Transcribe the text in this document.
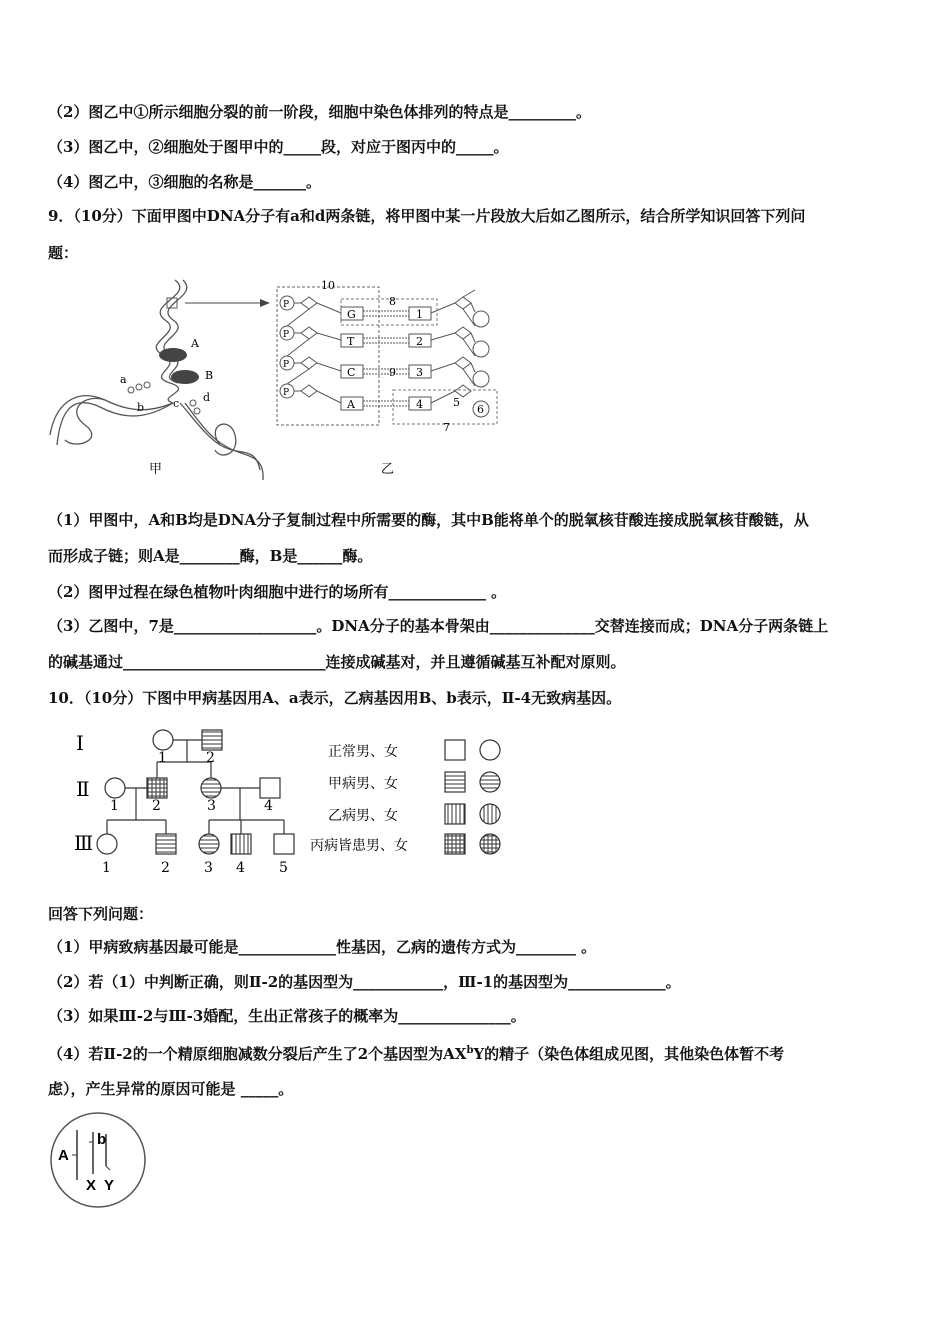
（2）图乙中①所示细胞分裂的前一阶段，细胞中染色体排列的特点是_________。
（3）图乙中，②细胞处于图甲中的_____段，对应于图丙中的_____。
（4）图乙中，③细胞的名称是_______。
9．（10分）下面甲图中DNA分子有a和d两条链，将甲图中某一片段放大后如乙图所示，结合所学知识回答下列问
题：
A
B
a
b	c d
甲
10
P
P
P
P
G
T
C
A
1
2
3
4
8
9
5
6
7
乙
（1）甲图中，A和B均是DNA分子复制过程中所需要的酶，其中B能将单个的脱氧核苷酸连接成脱氧核苷酸链，从
而形成子链；则A是________酶，B是______酶。
（2）图甲过程在绿色植物叶肉细胞中进行的场所有_____________ 。
（3）乙图中，7是___________________。DNA分子的基本骨架由______________交替连接而成；DNA分子两条链上
的碱基通过___________________________连接成碱基对，并且遵循碱基互补配对原则。
10．（10分）下图中甲病基因用A、a表示，乙病基因用B、b表示，Ⅱ-4无致病基因。
Ⅰ
Ⅱ
Ⅲ
1	2
1 2	3	4
1	2 3 4 5
正常男、女
甲病男、女
乙病男、女
丙病皆患男、女
回答下列问题：
（1）甲病致病基因最可能是_____________性基因，乙病的遗传方式为________ 。
（2）若（1）中判断正确，则Ⅱ-2的基因型为____________，Ⅲ-1的基因型为_____________。
（3）如果Ⅲ-2与Ⅲ-3婚配，生出正常孩子的概率为_______________。
（4）若Ⅱ-2的一个精原细胞减数分裂后产生了2个基因型为$AX^bY$的精子（染色体组成见图，其他染色体暂不考
虑），产生异常的原因可能是 _____。
A
b
X Y
